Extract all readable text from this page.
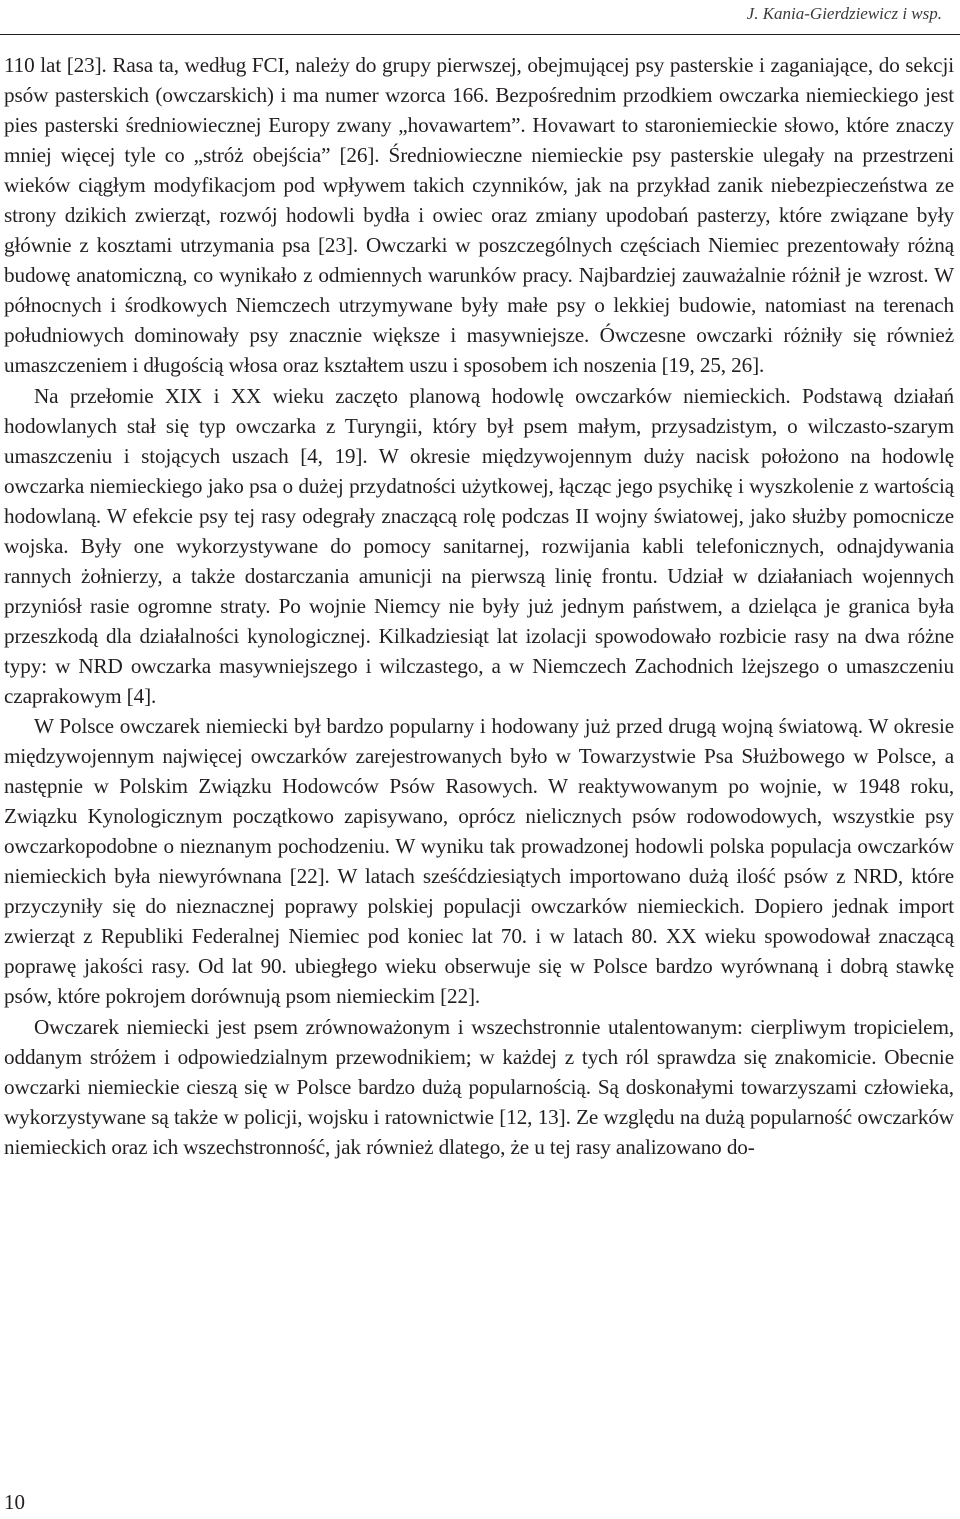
J. Kania-Gierdziewicz i wsp.

110 lat [23]. Rasa ta, według FCI, należy do grupy pierwszej, obejmującej psy pasterskie i zaganiające, do sekcji psów pasterskich (owczarskich) i ma numer wzorca 166. Bezpośrednim przodkiem owczarka niemieckiego jest pies pasterski średniowiecznej Europy zwany „hovawartem”. Hovawart to staroniemieckie słowo, które znaczy mniej więcej tyle co „stróż obejścia” [26]. Średniowieczne niemieckie psy pasterskie ulegały na przestrzeni wieków ciągłym modyfikacjom pod wpływem takich czynników, jak na przykład zanik niebezpieczeństwa ze strony dzikich zwierząt, rozwój hodowli bydła i owiec oraz zmiany upodobań pasterzy, które związane były głównie z kosztami utrzymania psa [23]. Owczarki w poszczególnych częściach Niemiec prezentowały różną budowę anatomiczną, co wynikało z odmiennych warunków pracy. Najbardziej zauważalnie różnił je wzrost. W północnych i środkowych Niemczech utrzymywane były małe psy o lekkiej budowie, natomiast na terenach południowych dominowały psy znacznie większe i masywniejsze. Ówczesne owczarki różniły się również umaszczeniem i długością włosa oraz kształtem uszu i sposobem ich noszenia [19, 25, 26].

Na przełomie XIX i XX wieku zaczęto planową hodowlę owczarków niemieckich. Podstawą działań hodowlanych stał się typ owczarka z Turyngii, który był psem małym, przysadzistym, o wilczasto-szarym umaszczeniu i stojących uszach [4, 19]. W okresie międzywojennym duży nacisk położono na hodowlę owczarka niemieckiego jako psa o dużej przydatności użytkowej, łącząc jego psychikę i wyszkolenie z wartością hodowlaną. W efekcie psy tej rasy odegrały znaczącą rolę podczas II wojny światowej, jako służby pomocnicze wojska. Były one wykorzystywane do pomocy sanitarnej, rozwijania kabli telefonicznych, odnajdywania rannych żołnierzy, a także dostarczania amunicji na pierwszą linię frontu. Udział w działaniach wojennych przyniósł rasie ogromne straty. Po wojnie Niemcy nie były już jednym państwem, a dzieląca je granica była przeszkodą dla działalności kynologicznej. Kilkadziesiąt lat izolacji spowodowało rozbicie rasy na dwa różne typy: w NRD owczarka masywniejszego i wilczastego, a w Niemczech Zachodnich lżejszego o umaszczeniu czaprakowym [4].

W Polsce owczarek niemiecki był bardzo popularny i hodowany już przed drugą wojną światową. W okresie międzywojennym najwięcej owczarków zarejestrowanych było w Towarzystwie Psa Służbowego w Polsce, a następnie w Polskim Związku Hodowców Psów Rasowych. W reaktywowanym po wojnie, w 1948 roku, Związku Kynologicznym początkowo zapisywano, oprócz nielicznych psów rodowodowych, wszystkie psy owczarkopodobne o nieznanym pochodzeniu. W wyniku tak prowadzonej hodowli polska populacja owczarków niemieckich była niewyrównana [22]. W latach sześćdziesiątych importowano dużą ilość psów z NRD, które przyczyniły się do nieznacznej poprawy polskiej populacji owczarków niemieckich. Dopiero jednak import zwierząt z Republiki Federalnej Niemiec pod koniec lat 70. i w latach 80. XX wieku spowodował znaczącą poprawę jakości rasy. Od lat 90. ubiegłego wieku obserwuje się w Polsce bardzo wyrównaną i dobrą stawkę psów, które pokrojem dorównują psom niemieckim [22].

Owczarek niemiecki jest psem zrównoważonym i wszechstronnie utalentowanym: cierpliwym tropicielem, oddanym stróżem i odpowiedzialnym przewodnikiem; w każdej z tych ról sprawdza się znakomicie. Obecnie owczarki niemieckie cieszą się w Polsce bardzo dużą popularnością. Są doskonałymi towarzyszami człowieka, wykorzystywane są także w policji, wojsku i ratownictwie [12, 13]. Ze względu na dużą popularność owczarków niemieckich oraz ich wszechstronność, jak również dlatego, że u tej rasy analizowano do-

10
